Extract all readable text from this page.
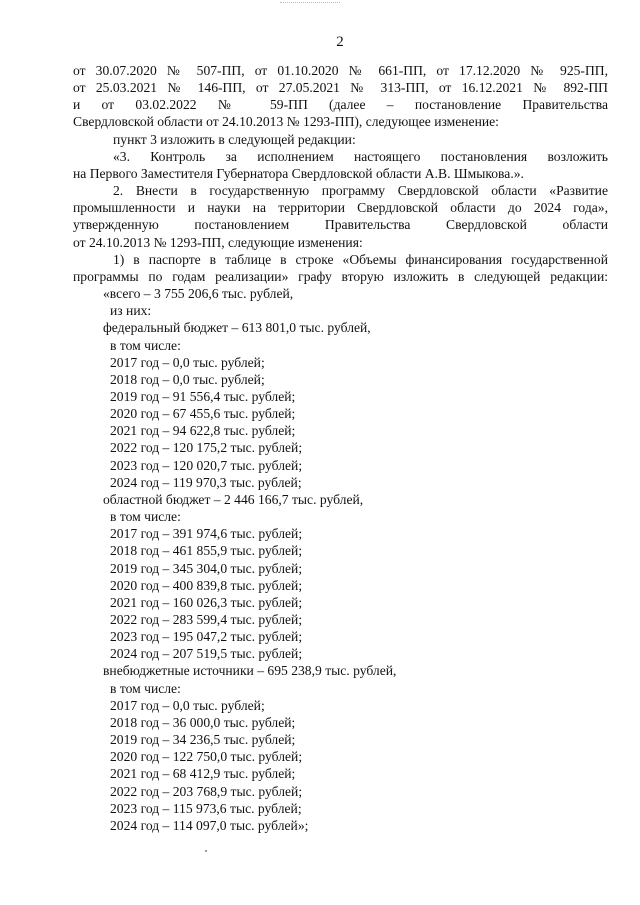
2
от 30.07.2020 № 507-ПП, от 01.10.2020 № 661-ПП, от 17.12.2020 № 925-ПП,
от 25.03.2021 № 146-ПП, от 27.05.2021 № 313-ПП, от 16.12.2021 № 892-ПП
и от 03.02.2022 № 59-ПП (далее – постановление Правительства
Свердловской области от 24.10.2013 № 1293-ПП), следующее изменение:
пункт 3 изложить в следующей редакции:
«3. Контроль за исполнением настоящего постановления возложить
на Первого Заместителя Губернатора Свердловской области А.В. Шмыкова.».
2. Внести в государственную программу Свердловской области «Развитие
промышленности и науки на территории Свердловской области до 2024 года»,
утвержденную постановлением Правительства Свердловской области
от 24.10.2013 № 1293-ПП, следующие изменения:
1) в паспорте в таблице в строке «Объемы финансирования государственной
программы по годам реализации» графу вторую изложить в следующей редакции:
«всего – 3 755 206,6 тыс. рублей,
из них:
федеральный бюджет – 613 801,0 тыс. рублей,
в том числе:
2017 год – 0,0 тыс. рублей;
2018 год – 0,0 тыс. рублей;
2019 год – 91 556,4 тыс. рублей;
2020 год – 67 455,6 тыс. рублей;
2021 год – 94 622,8 тыс. рублей;
2022 год – 120 175,2 тыс. рублей;
2023 год – 120 020,7 тыс. рублей;
2024 год – 119 970,3 тыс. рублей;
областной бюджет – 2 446 166,7 тыс. рублей,
в том числе:
2017 год – 391 974,6 тыс. рублей;
2018 год – 461 855,9 тыс. рублей;
2019 год – 345 304,0 тыс. рублей;
2020 год – 400 839,8 тыс. рублей;
2021 год – 160 026,3 тыс. рублей;
2022 год – 283 599,4 тыс. рублей;
2023 год – 195 047,2 тыс. рублей;
2024 год – 207 519,5 тыс. рублей;
внебюджетные источники – 695 238,9 тыс. рублей,
в том числе:
2017 год – 0,0 тыс. рублей;
2018 год – 36 000,0 тыс. рублей;
2019 год – 34 236,5 тыс. рублей;
2020 год – 122 750,0 тыс. рублей;
2021 год – 68 412,9 тыс. рублей;
2022 год – 203 768,9 тыс. рублей;
2023 год – 115 973,6 тыс. рублей;
2024 год – 114 097,0 тыс. рублей»;
